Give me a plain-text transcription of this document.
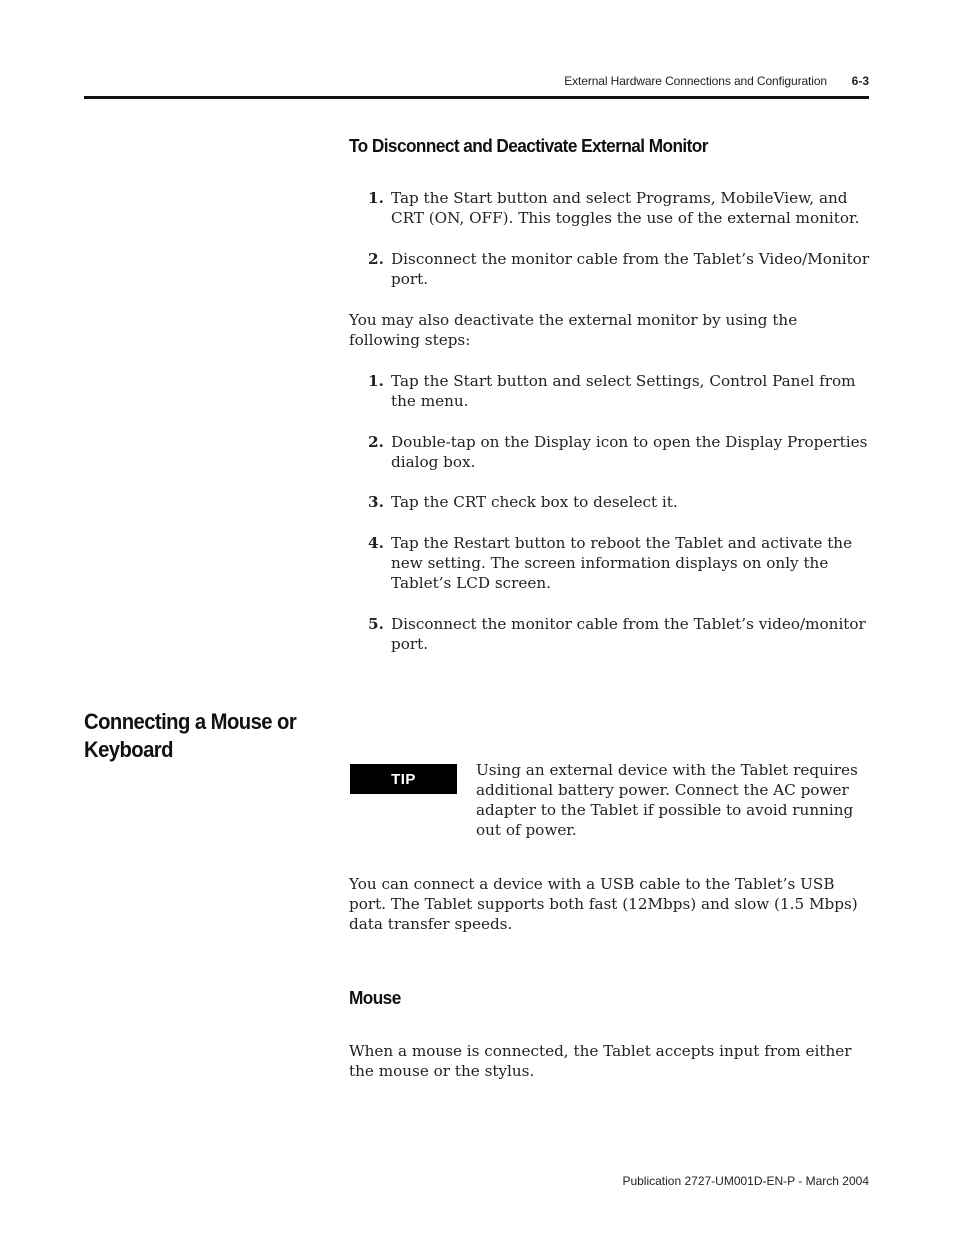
External Hardware Connections and Configuration 6-3
To Disconnect and Deactivate External Monitor
1. Tap the Start button and select Programs, MobileView, and CRT (ON, OFF). This toggles the use of the external monitor.
2. Disconnect the monitor cable from the Tablet’s Video/Monitor port.
You may also deactivate the external monitor by using the following steps:
1. Tap the Start button and select Settings, Control Panel from the menu.
2. Double-tap on the Display icon to open the Display Properties dialog box.
3. Tap the CRT check box to deselect it.
4. Tap the Restart button to reboot the Tablet and activate the new setting. The screen information displays on only the Tablet’s LCD screen.
5. Disconnect the monitor cable from the Tablet’s video/monitor port.
Connecting a Mouse or Keyboard
TIP	Using an external device with the Tablet requires additional battery power. Connect the AC power adapter to the Tablet if possible to avoid running out of power.
You can connect a device with a USB cable to the Tablet’s USB port. The Tablet supports both fast (12Mbps) and slow (1.5 Mbps) data transfer speeds.
Mouse
When a mouse is connected, the Tablet accepts input from either the mouse or the stylus.
Publication 2727-UM001D-EN-P - March 2004
